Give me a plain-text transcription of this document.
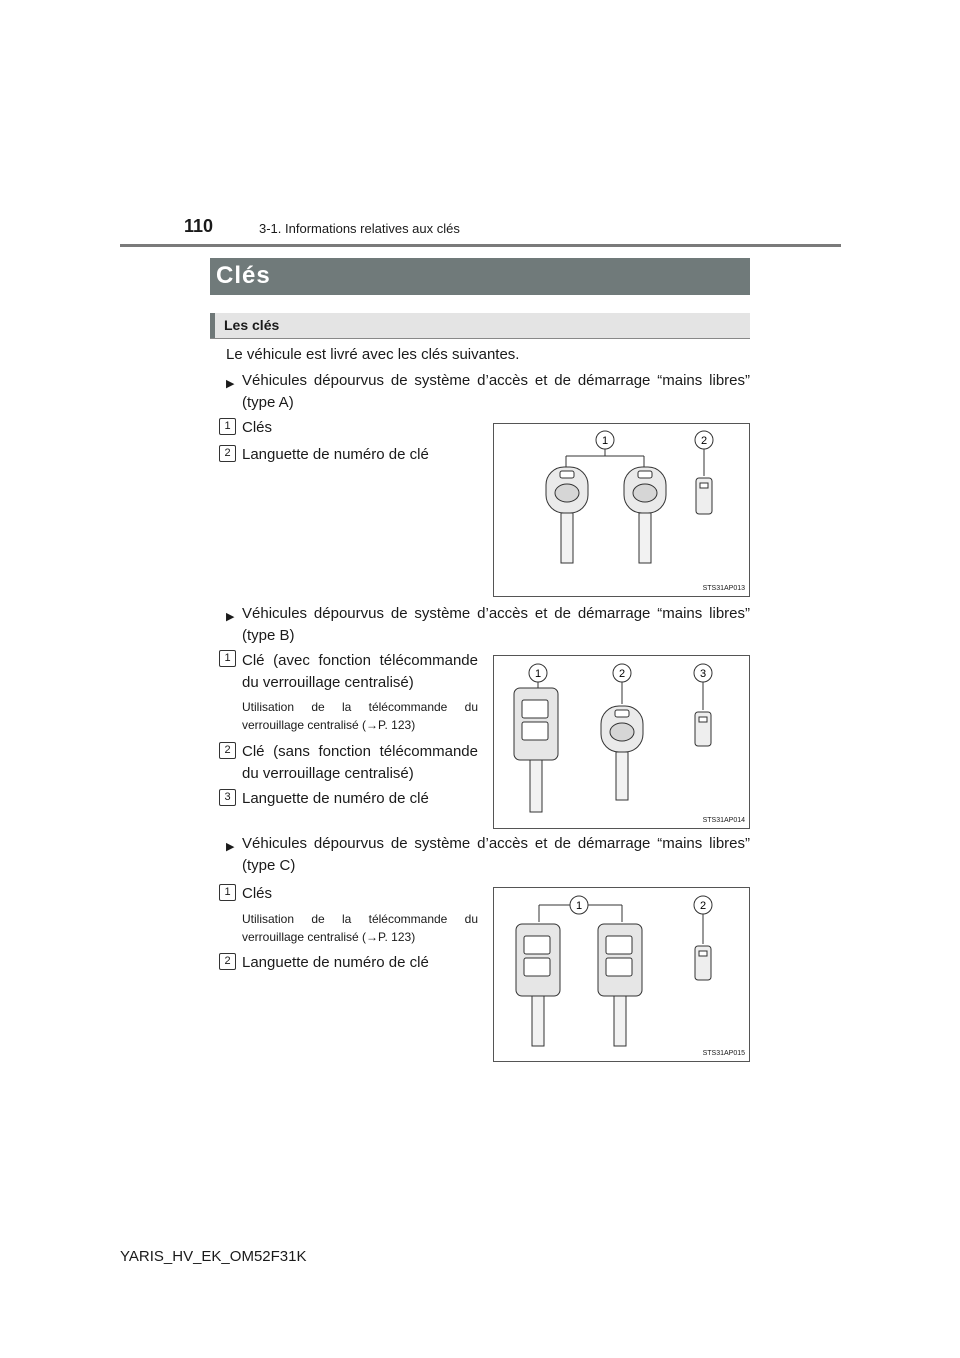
110	3-1. Informations relatives aux clés
Clés
Les clés
Le véhicule est livré avec les clés suivantes.
▶ Véhicules dépourvus de système d’accès et de démarrage “mains libres”
(type A)
1 Clés
2 Languette de numéro de clé
1	2
STS31AP013
▶ Véhicules dépourvus de système d’accès et de démarrage “mains libres”
(type B)
1 Clé (avec fonction télécommande
du verrouillage centralisé)
Utilisation de la télécommande du
verrouillage centralisé (→P. 123)
2 Clé (sans fonction télécommande
du verrouillage centralisé)
3 Languette de numéro de clé
1	2	3
STS31AP014
▶ Véhicules dépourvus de système d’accès et de démarrage “mains libres”
(type C)
1 Clés
Utilisation de la télécommande du
verrouillage centralisé (→P. 123)
2 Languette de numéro de clé
1	2
STS31AP015
YARIS_HV_EK_OM52F31K
